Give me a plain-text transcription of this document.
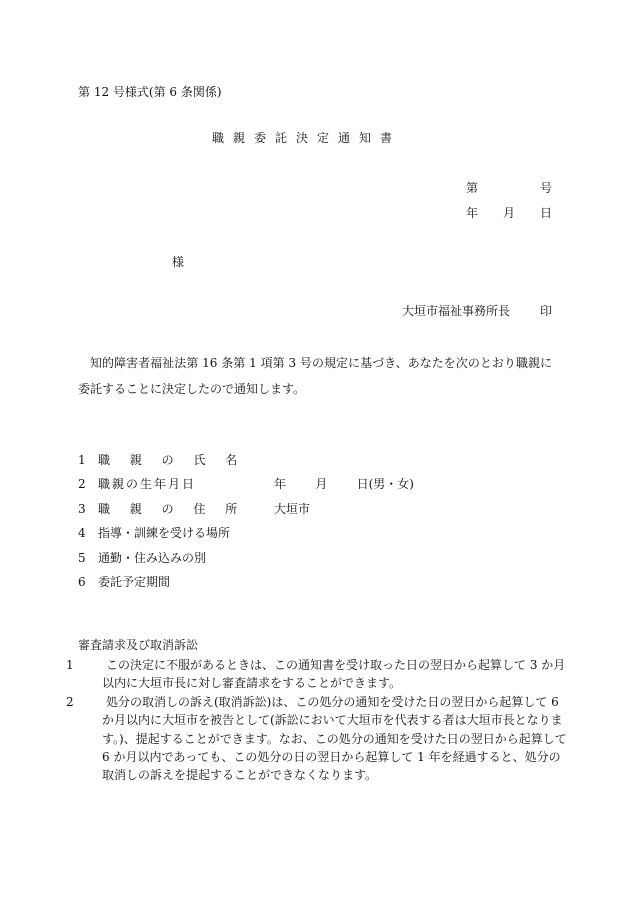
第 12 号様式(第 6 条関係)
職親委託決定通知書
第	号
年 月 日
様
大垣市福祉事務所長 印
知的障害者福祉法第 16 条第 1 項第 3 号の規定に基づき、あなたを次のとおり職親に委託することに決定したので通知します。
1	職 親 の 氏 名
2	職親の生年月日	年 月 日(男・女)
3	職 親 の 住 所	大垣市
4	指導・訓練を受ける場所
5	通勤・住み込みの別
6	委託予定期間
審査請求及び取消訴訟
1	この決定に不服があるときは、この通知書を受け取った日の翌日から起算して 3 か月以内に大垣市長に対し審査請求をすることができます。
2	処分の取消しの訴え(取消訴訟)は、この処分の通知を受けた日の翌日から起算して 6 か月以内に大垣市を被告として(訴訟において大垣市を代表する者は大垣市長となります。)、提起することができます。なお、この処分の通知を受けた日の翌日から起算して 6 か月以内であっても、この処分の日の翌日から起算して 1 年を経過すると、処分の取消しの訴えを提起することができなくなります。
